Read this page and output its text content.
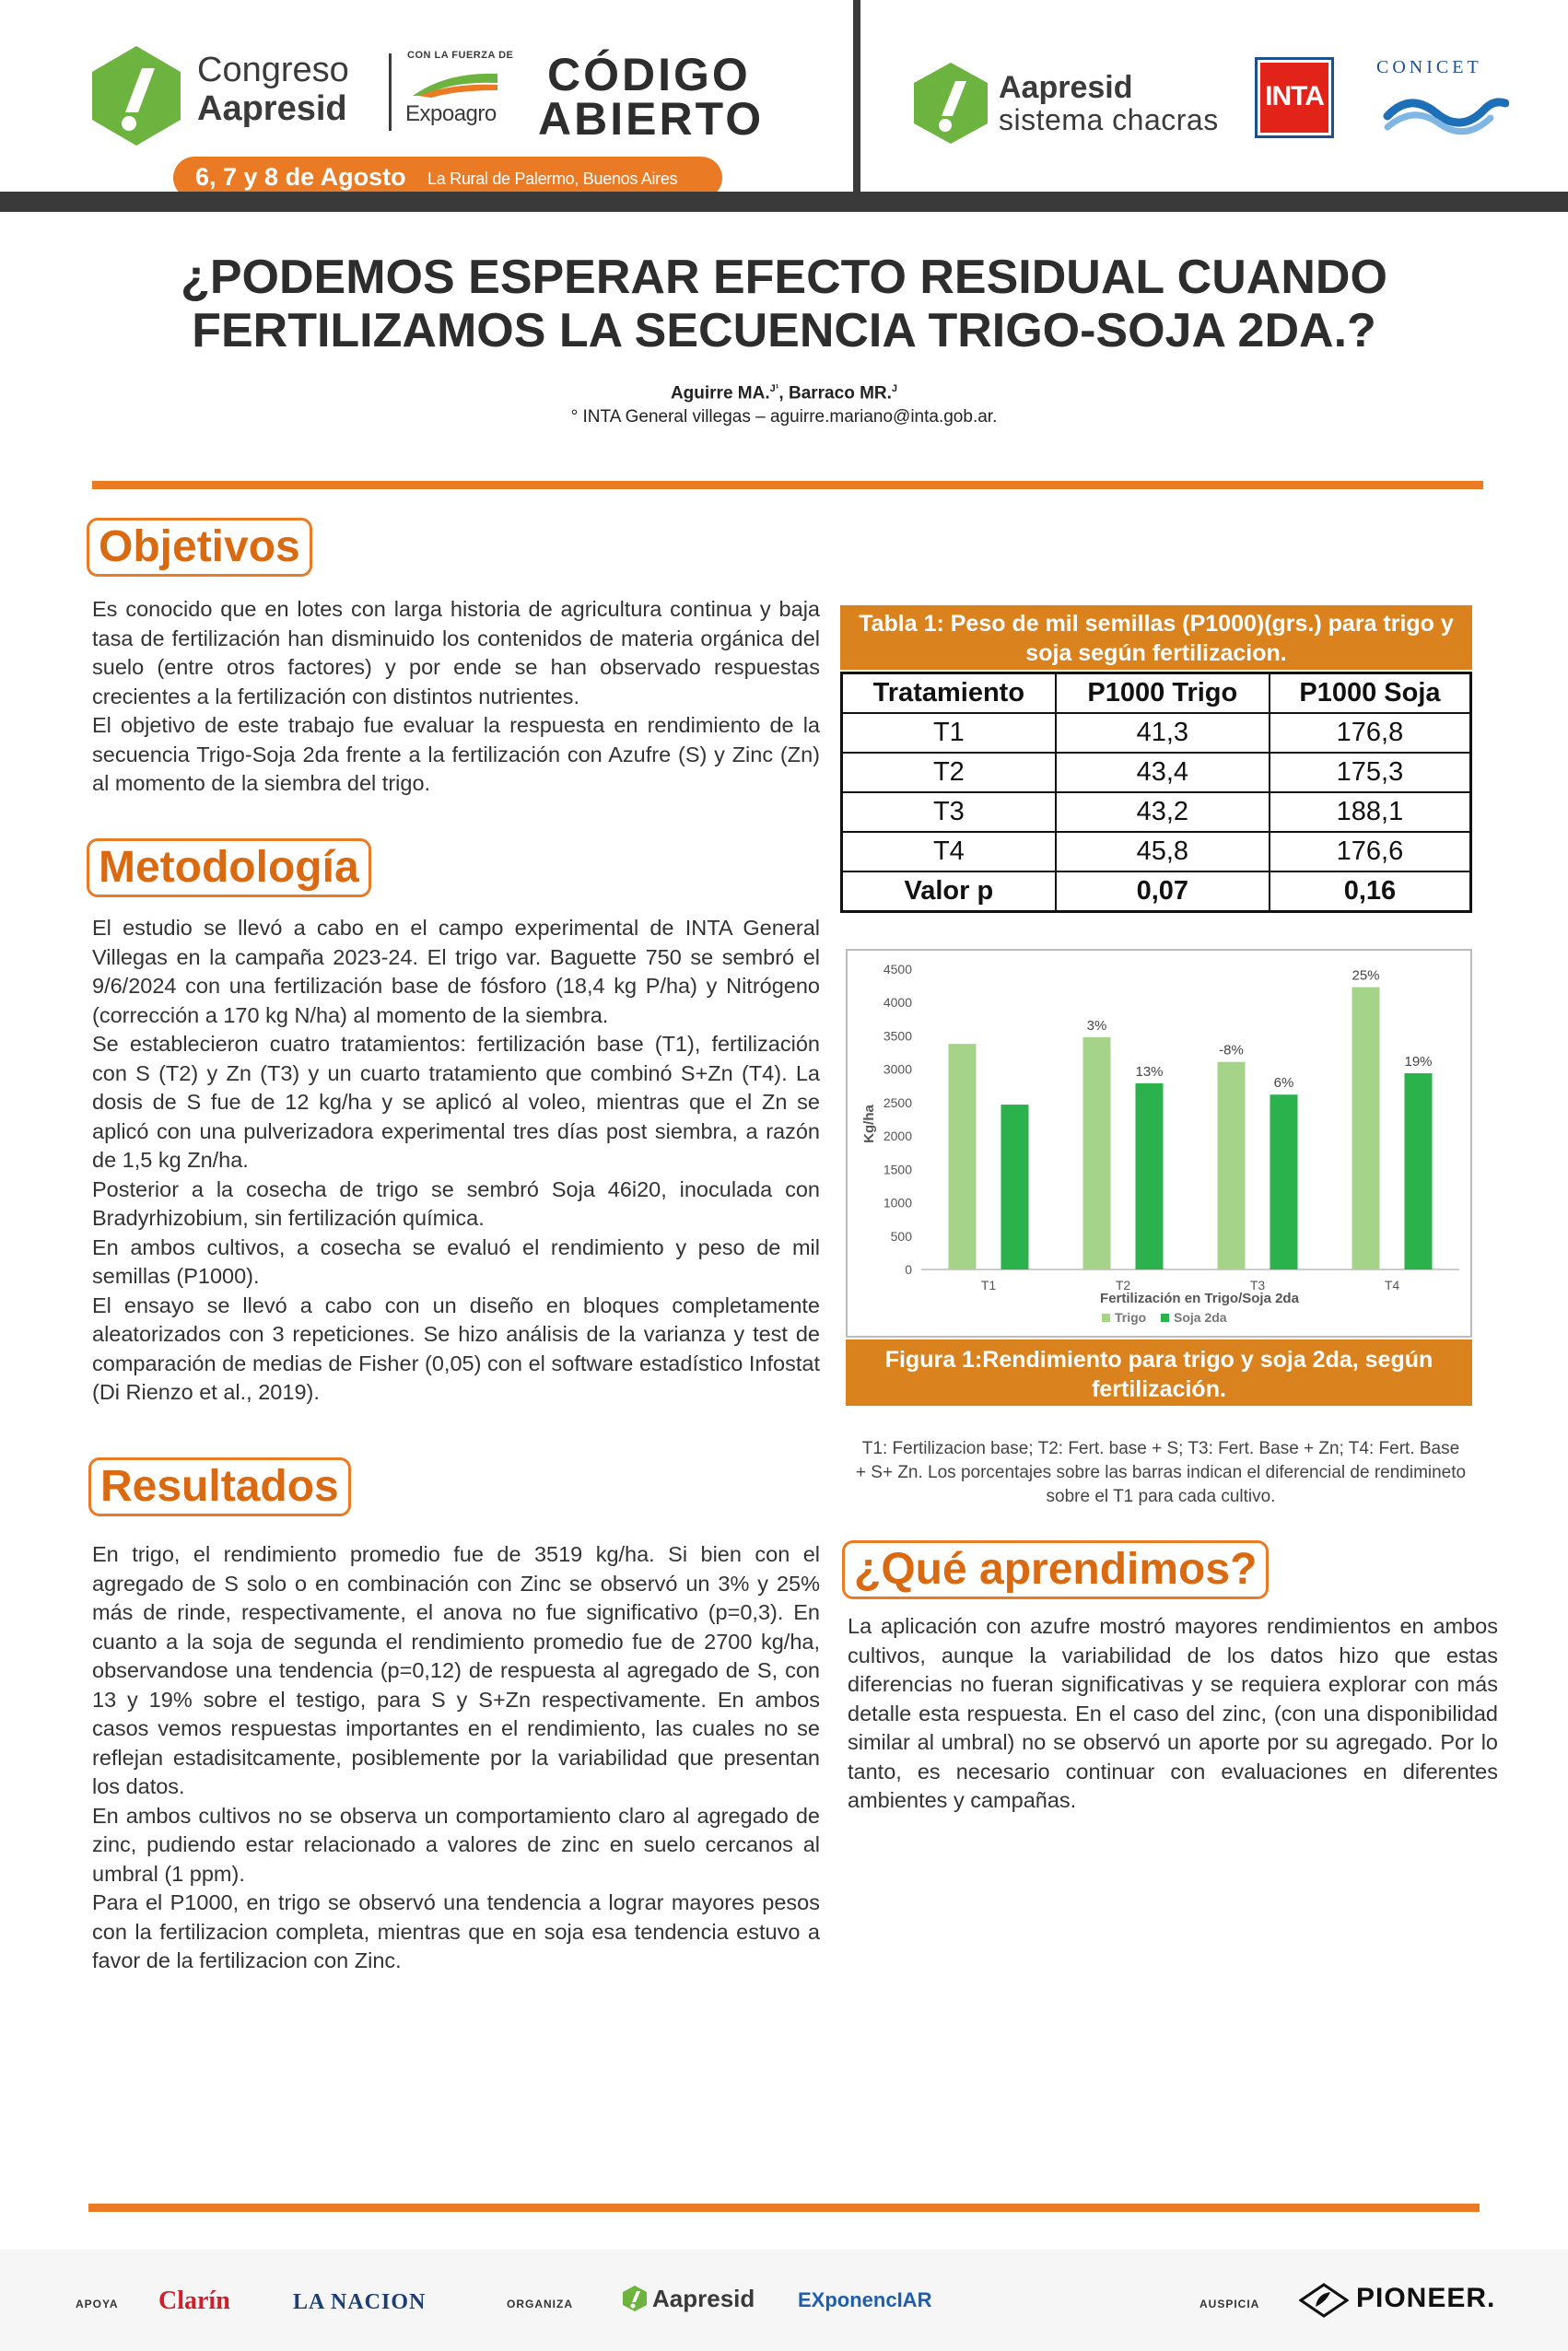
Congreso
Aapresid
CON LA FUERZA DE
Expoagro
CÓDIGO
ABIERTO
6, 7 y 8 de Agosto La Rural de Palermo, Buenos Aires
Aapresid
sistema chacras
INTA
CONICET
¿PODEMOS ESPERAR EFECTO RESIDUAL CUANDO
FERTILIZAMOS LA SECUENCIA TRIGO-SOJA 2DA.?
Aguirre MA.$^{J^1}$, Barraco MR.$^J$
° INTA General villegas – aguirre.mariano@inta.gob.ar.
Objetivos

Es conocido que en lotes con larga historia de agricultura continua y baja tasa de fertilización han disminuido los contenidos de materia orgánica del suelo (entre otros factores) y por ende se han observado respuestas crecientes a la fertilización con distintos nutrientes.

El objetivo de este trabajo fue evaluar la respuesta en rendimiento de la secuencia Trigo-Soja 2da frente a la fertilización con Azufre (S) y Zinc (Zn) al momento de la siembra del trigo.

Metodología

El estudio se llevó a cabo en el campo experimental de INTA General Villegas en la campaña 2023-24. El trigo var. Baguette 750 se sembró el 9/6/2024 con una fertilización base de fósforo (18,4 kg P/ha) y Nitrógeno (corrección a 170 kg N/ha) al momento de la siembra.

Se establecieron cuatro tratamientos: fertilización base (T1), fertilización con S (T2) y Zn (T3) y un cuarto tratamiento que combinó S+Zn (T4). La dosis de S fue de 12 kg/ha y se aplicó al voleo, mientras que el Zn se aplicó con una pulverizadora experimental tres días post siembra, a razón de 1,5 kg Zn/ha.

Posterior a la cosecha de trigo se sembró Soja 46i20, inoculada con Bradyrhizobium, sin fertilización química.

En ambos cultivos, a cosecha se evaluó el rendimiento y peso de mil semillas (P1000).

El ensayo se llevó a cabo con un diseño en bloques completamente aleatorizados con 3 repeticiones. Se hizo análisis de la varianza y test de comparación de medias de Fisher (0,05) con el software estadístico Infostat (Di Rienzo et al., 2019).

Resultados

En trigo, el rendimiento promedio fue de 3519 kg/ha. Si bien con el agregado de S solo o en combinación con Zinc se observó un 3% y 25% más de rinde, respectivamente, el anova no fue significativo (p=0,3). En cuanto a la soja de segunda el rendimiento promedio fue de 2700 kg/ha, observandose una tendencia (p=0,12) de respuesta al agregado de S, con 13 y 19% sobre el testigo, para S y S+Zn respectivamente. En ambos casos vemos respuestas importantes en el rendimiento, las cuales no se reflejan estadisitcamente, posiblemente por la variabilidad que presentan los datos.

En ambos cultivos no se observa un comportamiento claro al agregado de zinc, pudiendo estar relacionado a valores de zinc en suelo cercanos al umbral (1 ppm).

Para el P1000, en trigo se observó una tendencia a lograr mayores pesos con la fertilizacion completa, mientras que en soja esa tendencia estuvo a favor de la fertilizacion con Zinc.

Tabla 1: Peso de mil semillas (P1000)(grs.) para trigo y soja según fertilizacion.
Tratamiento	P1000 Trigo	P1000 Soja
T1	41,3	176,8
T2	43,4	175,3
T3	43,2	188,1
T4	45,8	176,6
Valor p	0,07	0,16
0
500
1000
1500
2000
2500
3000
3500
4000
4500
3%
13%
-8%
6%
25%
19%
T1	T2	T3	T4
Kg/ha
Fertilización en Trigo/Soja 2da
Trigo Soja 2da
Figura 1:Rendimiento para trigo y soja 2da, según fertilización.
T1: Fertilizacion base; T2: Fert. base + S; T3: Fert. Base + Zn; T4: Fert. Base + S+ Zn. Los porcentajes sobre las barras indican el diferencial de rendimineto sobre el T1 para cada cultivo.
¿Qué aprendimos?

La aplicación con azufre mostró mayores rendimientos en ambos cultivos, aunque la variabilidad de los datos hizo que estas diferencias no fueran significativas y se requiera explorar con más detalle esta respuesta. En el caso del zinc, (con una disponibilidad similar al umbral) no se observó un aporte por su agregado. Por lo tanto, es necesario continuar con evaluaciones en diferentes ambientes y campañas.

APOYA Clarín	LA NACION	ORGANIZA	Aapresid EXponencIAR	AUSPICIA	PIONEER.
